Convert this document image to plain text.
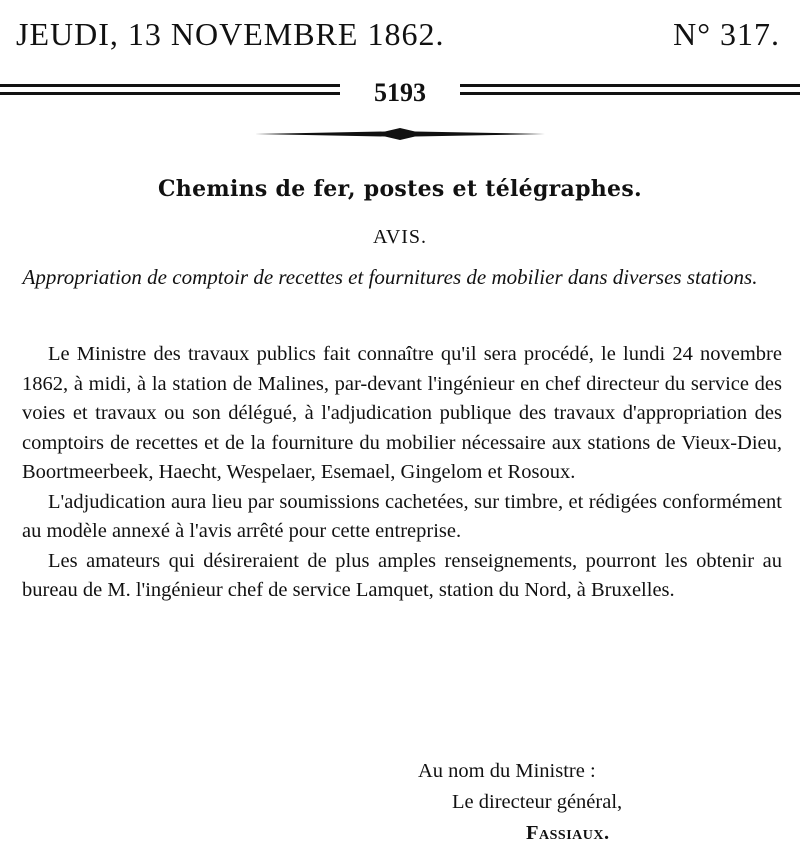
JEUDI, 13 NOVEMBRE 1862.	N° 317.
5193
Chemins de fer, postes et télégraphes.
AVIS.
Appropriation de comptoir de recettes et fournitures de mobilier dans diverses stations.

Le Ministre des travaux publics fait connaître qu'il sera procédé, le lundi 24 novembre 1862, à midi, à la station de Malines, par-devant l'ingénieur en chef directeur du service des voies et travaux ou son délégué, à l'adjudication publique des travaux d'appropriation des comptoirs de recettes et de la fourniture du mobilier nécessaire aux stations de Vieux-Dieu, Boortmeerbeek, Haecht, Wespelaer, Esemael, Gingelom et Rosoux.

L'adjudication aura lieu par soumissions cachetées, sur timbre, et rédigées conformément au modèle annexé à l'avis arrêté pour cette entreprise.

Les amateurs qui désireraient de plus amples renseignements, pourront les obtenir au bureau de M. l'ingénieur chef de service Lamquet, station du Nord, à Bruxelles.

Au nom du Ministre :
Le directeur général,
Fassiaux.
